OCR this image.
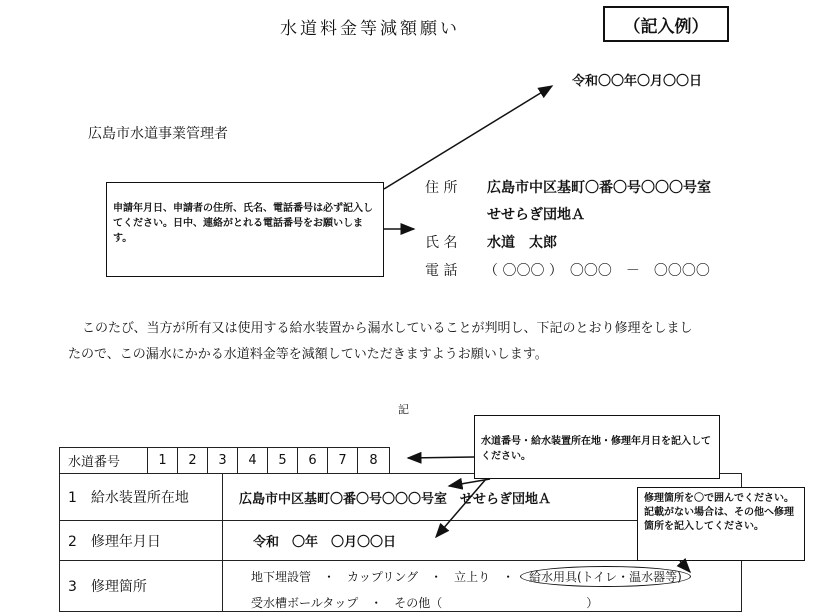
水道料金等減額願い	（記入例）
令和〇〇年〇月〇〇日
広島市水道事業管理者
住 所 広島市中区基町〇番〇号〇〇〇号室
せせらぎ団地Ａ
氏 名 水道　太郎
電 話 （ 〇〇〇 ）　〇〇〇　－　〇〇〇〇
申請年月日、申請者の住所、氏名、電話番号は必ず記入してください。日中、連絡がとれる電話番号をお願いします。
このたび、当方が所有又は使用する給水装置から漏水していることが判明し、下記のとおり修理をしまし
たので、この漏水にかかる水道料金等を減額していただきますようお願いします。
記
水道番号	1 2 3 4 5 6 7 8
1　給水装置所在地	広島市中区基町〇番〇号〇〇〇号室　せせらぎ団地Ａ
2　修理年月日	令和　〇年　〇月〇〇日
3　修理箇所
地下埋設管　・　カップリング　・　立上り　・ 給水用具(トイレ・温水器等)
受水槽ボールタップ　・　その他（　　　　　　　　　　　　）
水道番号・給水装置所在地・修理年月日を記入してください。
修理箇所を〇で囲んでください。記載がない場合は、その他へ修理箇所を記入してください。
